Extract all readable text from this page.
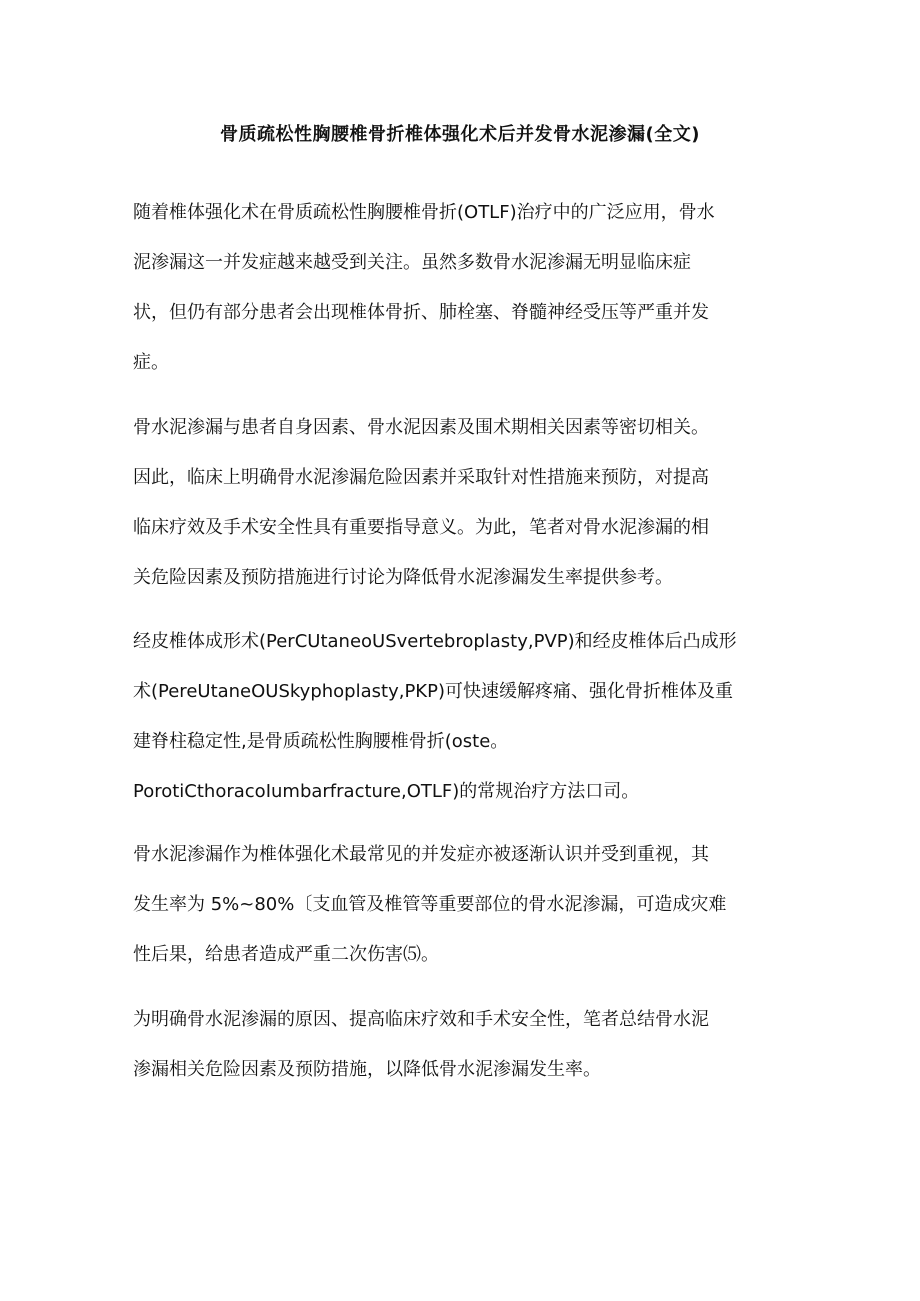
骨质疏松性胸腰椎骨折椎体强化术后并发骨水泥渗漏(全文)
随着椎体强化术在骨质疏松性胸腰椎骨折(OTLF)治疗中的广泛应用，骨水
泥渗漏这一并发症越来越受到关注。虽然多数骨水泥渗漏无明显临床症
状，但仍有部分患者会出现椎体骨折、肺栓塞、脊髓神经受压等严重并发
症。
骨水泥渗漏与患者自身因素、骨水泥因素及围术期相关因素等密切相关。
因此，临床上明确骨水泥渗漏危险因素并采取针对性措施来预防，对提高
临床疗效及手术安全性具有重要指导意义。为此，笔者对骨水泥渗漏的相
关危险因素及预防措施进行讨论为降低骨水泥渗漏发生率提供参考。
经皮椎体成形术(PerCUtaneoUSvertebroplasty,PVP)和经皮椎体后凸成形
术(PereUtaneOUSkyphoplasty,PKP)可快速缓解疼痛、强化骨折椎体及重
建脊柱稳定性,是骨质疏松性胸腰椎骨折(oste。
PorotiCthoracoIumbarfracture,OTLF)的常规治疗方法口司。
骨水泥渗漏作为椎体强化术最常见的并发症亦被逐渐认识并受到重视，其
发生率为 5%~80%〔支血管及椎管等重要部位的骨水泥渗漏，可造成灾难
性后果，给患者造成严重二次伤害⑸。
为明确骨水泥渗漏的原因、提高临床疗效和手术安全性，笔者总结骨水泥
渗漏相关危险因素及预防措施，以降低骨水泥渗漏发生率。
